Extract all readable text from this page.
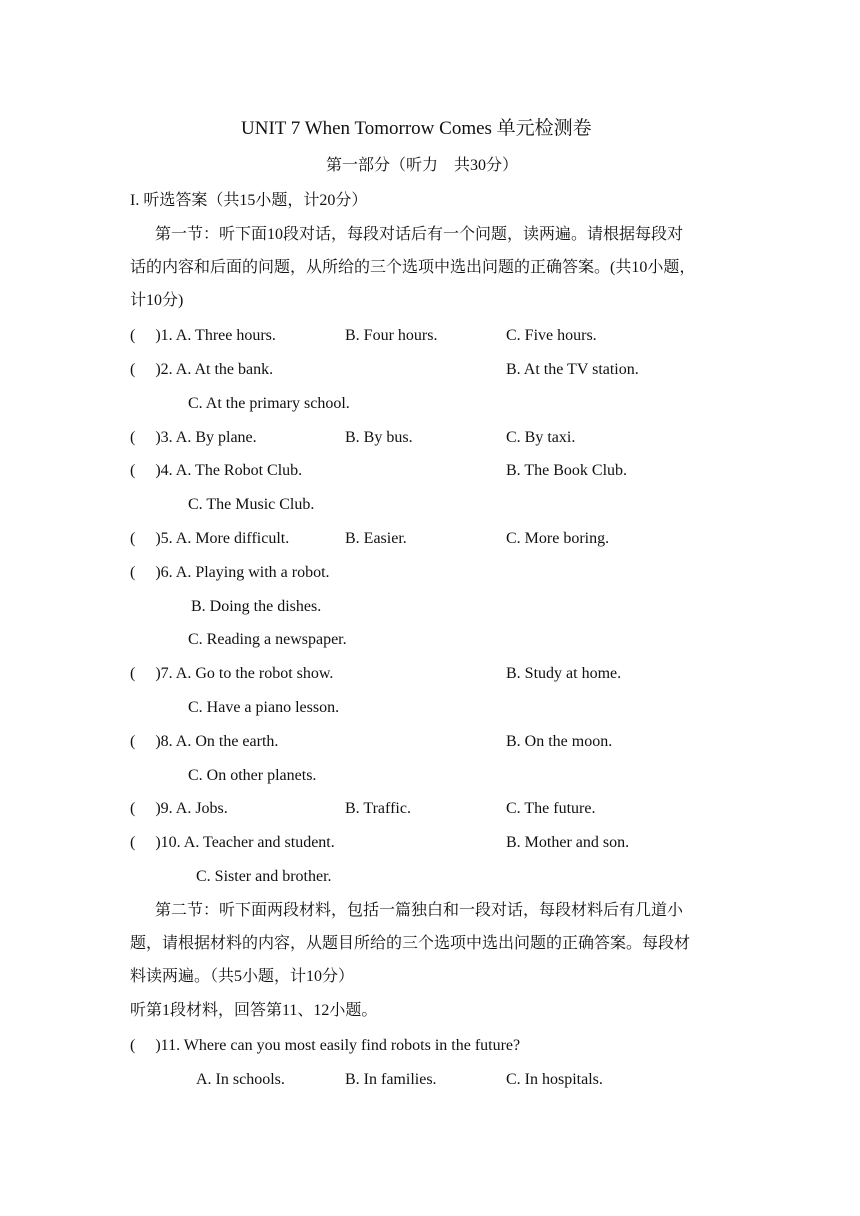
UNIT 7 When Tomorrow Comes 单元检测卷
第一部分（听力　共30分）
I. 听选答案（共15小题，计20分）
第一节：听下面10段对话，每段对话后有一个问题，读两遍。请根据每段对
话的内容和后面的问题，从所给的三个选项中选出问题的正确答案。(共10小题，
计10分)
(　 )1. A. Three hours.	B. Four hours.	C. Five hours.
(　 )2. A. At the bank.	B. At the TV station.
C. At the primary school.
(　 )3. A. By plane.	B. By bus.	C. By taxi.
(　 )4. A. The Robot Club.	B. The Book Club.
C. The Music Club.
(　 )5. A. More difficult.	B. Easier.	C. More boring.
(　 )6. A. Playing with a robot.
B. Doing the dishes.
C. Reading a newspaper.
(　 )7. A. Go to the robot show.	B. Study at home.
C. Have a piano lesson.
(　 )8. A. On the earth.	B. On the moon.
C. On other planets.
(　 )9. A. Jobs.	B. Traffic.	C. The future.
(　 )10. A. Teacher and student.	B. Mother and son.
C. Sister and brother.
第二节：听下面两段材料，包括一篇独白和一段对话，每段材料后有几道小
题，请根据材料的内容，从题目所给的三个选项中选出问题的正确答案。每段材
料读两遍。（共5小题，计10分）
听第1段材料，回答第11、12小题。
(　 )11. Where can you most easily find robots in the future?
A. In schools.	B. In families.	C. In hospitals.
